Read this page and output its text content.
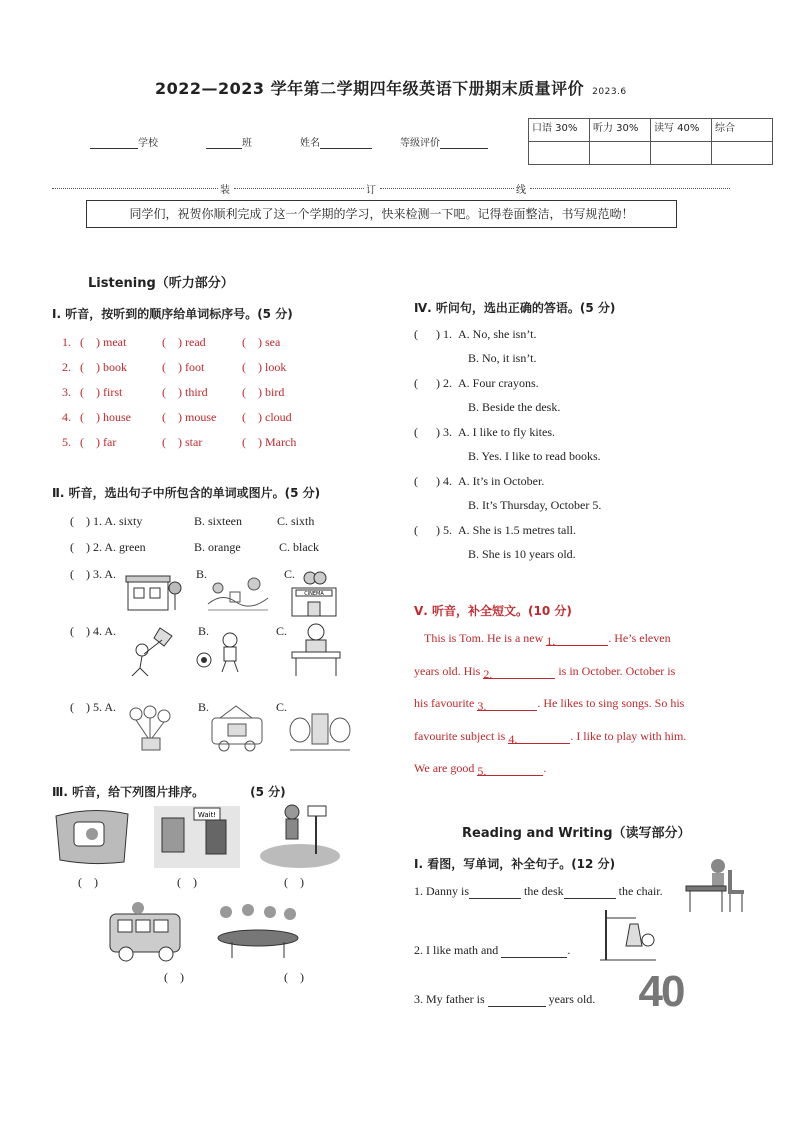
2022—2023 学年第二学期四年级英语下册期末质量评价 2023.6
学校	班	姓名	等级评价
口语 30%	听力 30%	读写 40%	综合

装	订	线
同学们，祝贺你顺利完成了这一个学期的学习，快来检测一下吧。记得卷面整洁，书写规范呦！
Listening（听力部分）
Ⅰ. 听音，按听到的顺序给单词标序号。(5 分)
1. (    ) meat	(    ) read	(    ) sea
2. (    ) book	(    ) foot	(    ) look
3. (    ) first	(    ) third	(    ) bird
4. (    ) house	(    ) mouse (    ) cloud
5. (    ) far	(    ) star	(    ) March
Ⅱ. 听音，选出句子中所包含的单词或图片。(5 分)
(    ) 1. A. sixty	B. sixteen	C. sixth
(    ) 2. A. green	B. orange	C. black
(    ) 3. A.	B.	C.
CINEMA
(    ) 4. A.	B.	C.
(    ) 5. A.	B.	C.
Ⅲ. 听音，给下列图片排序。	(5 分)
Wait!
(    )	(    )	(    )
(    )	(    )
Ⅳ. 听问句，选出正确的答语。(5 分)
(      ) 1. A. No, she isn’t.
B. No, it isn’t.
(      ) 2. A. Four crayons.
B. Beside the desk.
(      ) 3. A. I like to fly kites.
B. Yes. I like to read books.
(      ) 4. A. It’s in October.
B. It’s Thursday, October 5.
(      ) 5. A. She is 1.5 metres tall.
B. She is 10 years old.
Ⅴ. 听音，补全短文。(10 分)
This is Tom. He is a new 1.	. He’s eleven
years old. His 2.	is in October. October is
his favourite 3.	. He likes to sing songs. So his
favourite subject is 4.	. I like to play with him.
We are good 5.	.
Reading and Writing（读写部分）
Ⅰ. 看图，写单词，补全句子。(12 分)
1. Danny is	the desk	the chair.
2. I like math and	.
3. My father is	years old. 40
